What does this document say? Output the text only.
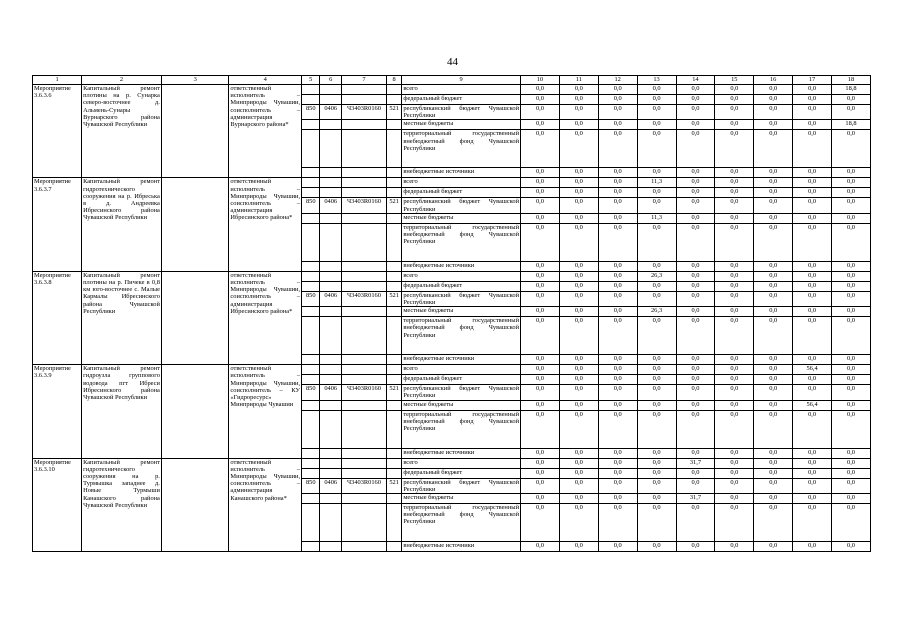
44
1	2	3	4	5	6	7	8	9	10	11	12	13	14	15	16	17	18
Мероприятие 3.6.3.6	Капитальный ремонт плотины на р. Сунарка северо-восточнее д. Альмень-Сунары Вурнарского района Чувашской Республики		ответственный исполнитель – Минприроды Чувашии, соисполнитель – администрация Вурнарского района*					всего	0,0	0,0	0,0	0,0	0,0	0,0	0,0	0,0	18,8
								федеральный бюджет	0,0	0,0	0,0	0,0	0,0	0,0	0,0	0,0	0,0
				850	0406	Ч3403R0160	521	республиканский бюджет Чувашской Республики	0,0	0,0	0,0	0,0	0,0	0,0	0,0	0,0	0,0
								местные бюджеты	0,0	0,0	0,0	0,0	0,0	0,0	0,0	0,0	18,8
								территориальный государственный внебюджетный фонд Чувашской Республики	0,0	0,0	0,0	0,0	0,0	0,0	0,0	0,0	0,0
								внебюджетные источники	0,0	0,0	0,0	0,0	0,0	0,0	0,0	0,0	0,0
Мероприятие 3.6.3.7	Капитальный ремонт гидротехнического сооружения на р. Ибреська в д. Андреевка Ибресинского района Чувашской Республики		ответственный исполнитель – Минприроды Чувашии, соисполнитель – администрация Ибресинского района*					всего	0,0	0,0	0,0	11,3	0,0	0,0	0,0	0,0	0,0
								федеральный бюджет	0,0	0,0	0,0	0,0	0,0	0,0	0,0	0,0	0,0
				850	0406	Ч3403R0160	521	республиканский бюджет Чувашской Республики	0,0	0,0	0,0	0,0	0,0	0,0	0,0	0,0	0,0
								местные бюджеты	0,0	0,0	0,0	11,3	0,0	0,0	0,0	0,0	0,0
								территориальный государственный внебюджетный фонд Чувашской Республики	0,0	0,0	0,0	0,0	0,0	0,0	0,0	0,0	0,0
								внебюджетные источники	0,0	0,0	0,0	0,0	0,0	0,0	0,0	0,0	0,0
Мероприятие 3.6.3.8	Капитальный ремонт плотины на р. Пичеке в 0,8 км юго-восточнее с. Малые Кармалы Ибресинского района Чувашской Республики		ответственный исполнитель – Минприроды Чувашии, соисполнитель – администрация Ибресинского района*					всего	0,0	0,0	0,0	26,3	0,0	0,0	0,0	0,0	0,0
								федеральный бюджет	0,0	0,0	0,0	0,0	0,0	0,0	0,0	0,0	0,0
				850	0406	Ч3403R0160	521	республиканский бюджет Чувашской Республики	0,0	0,0	0,0	0,0	0,0	0,0	0,0	0,0	0,0
								местные бюджеты	0,0	0,0	0,0	26,3	0,0	0,0	0,0	0,0	0,0
								территориальный государственный внебюджетный фонд Чувашской Республики	0,0	0,0	0,0	0,0	0,0	0,0	0,0	0,0	0,0
								внебюджетные источники	0,0	0,0	0,0	0,0	0,0	0,0	0,0	0,0	0,0
Мероприятие 3.6.3.9	Капитальный ремонт гидроузла группового водовода пгт Ибреси Ибресинского района Чувашской Республики		ответственный исполнитель – Минприроды Чувашии, соисполнитель – КУ «Гидроресурс» Минприроды Чувашии					всего	0,0	0,0	0,0	0,0	0,0	0,0	0,0	56,4	0,0
								федеральный бюджет	0,0	0,0	0,0	0,0	0,0	0,0	0,0	0,0	0,0
				850	0406	Ч3403R0160	521	республиканский бюджет Чувашской Республики	0,0	0,0	0,0	0,0	0,0	0,0	0,0	0,0	0,0
								местные бюджеты	0,0	0,0	0,0	0,0	0,0	0,0	0,0	56,4	0,0
								территориальный государственный внебюджетный фонд Чувашской Республики	0,0	0,0	0,0	0,0	0,0	0,0	0,0	0,0	0,0
								внебюджетные источники	0,0	0,0	0,0	0,0	0,0	0,0	0,0	0,0	0,0
Мероприятие 3.6.3.10	Капитальный ремонт гидротехнического сооружения на р. Турмышка западнее д. Новые Турмыши Канашского района Чувашской Республики		ответственный исполнитель – Минприроды Чувашии, соисполнитель – администрация Канашского района*					всего	0,0	0,0	0,0	0,0	31,7	0,0	0,0	0,0	0,0
								федеральный бюджет	0,0	0,0	0,0	0,0	0,0	0,0	0,0	0,0	0,0
				850	0406	Ч3403R0160	521	республиканский бюджет Чувашской Республики	0,0	0,0	0,0	0,0	0,0	0,0	0,0	0,0	0,0
								местные бюджеты	0,0	0,0	0,0	0,0	31,7	0,0	0,0	0,0	0,0
								территориальный государственный внебюджетный фонд Чувашской Республики	0,0	0,0	0,0	0,0	0,0	0,0	0,0	0,0	0,0
								внебюджетные источники	0,0	0,0	0,0	0,0	0,0	0,0	0,0	0,0	0,0
